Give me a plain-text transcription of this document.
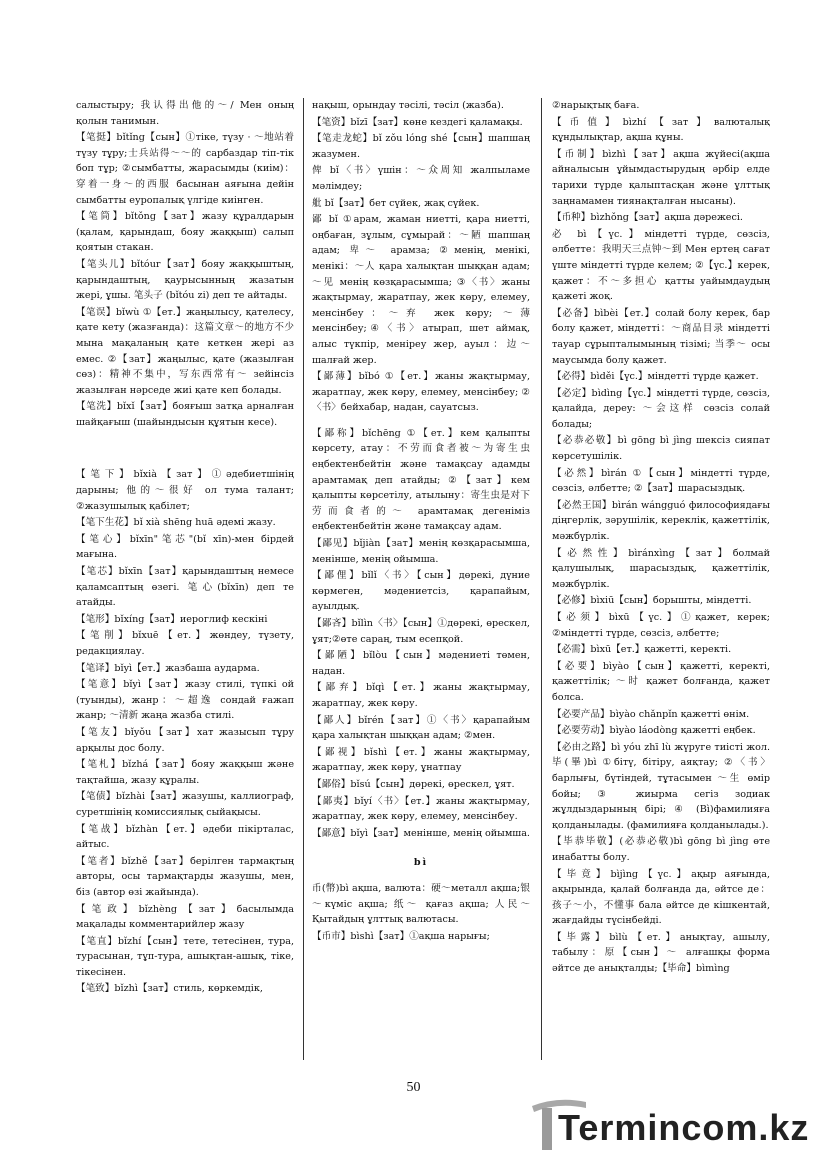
салыстыру; 我认得出他的～/ Мен оның қолын танимын.

【笔挺】bǐtǐng【сын】①тіке, түзу · ～地站着 түзу тұру;士兵站得～～的 сарбаздар тіп-тік боп тұр; ②сымбатты, жарасымды (киім)：穿着一身～的西服 басынан аяғына дейін сымбатты еуропалық үлгіде киінген.

【笔筒】bǐtǒng【зат】жазу құралдарын (қалам, қарындаш, бояу жаққыш) салып қоятын стакан.

【笔头儿】bǐtóur【зат】бояу жаққыштың, қарындаштың, қаурысынның жазатын жері, ұшы. 笔头子 (bǐtóu zi) деп те айтады.

【笔误】bǐwù ①【ет.】жаңылысу, қателесу, қате кету (жазғанда)：这篇文章～的地方不少 мына мақаланың қате кеткен жері аз емес. ②【зат】жаңылыс, қате (жазылған сөз)：精神不集中，写东西常有～ зейінсіз жазылған нәрседе жиі қате кеп болады.

【笔洗】bǐxǐ【зат】бояғыш затқа арналған шайқағыш (шайындысын құятын кесе).

【笔下】bǐxià【зат】①әдебиетшінің дарыны; 他的～很好 ол тума талант; ②жазушылық қабілет;

【笔下生花】bǐ xià shēng huā әдемі жазу.

【笔心】bǐxīn"笔芯"(bǐ xīn)-мен бірдей мағына.

【笔芯】bǐxīn【зат】қарындаштың немесе қаламсаптың өзегі. 笔心(bǐxīn) деп те атайды.

【笔形】bǐxíng【зат】иероглиф кескіні

【笔削】bǐxuē【ет.】жөндеу, түзету, редакциялау.

【笔译】bǐyì【ет.】жазбаша аударма.

【笔意】bǐyì【зат】жазу стилі, түпкі ой (туынды), жанр：～超逸 сондай ғажап жанр; ～清新 жаңа жазба стилі.

【笔友】bǐyǒu【зат】хат жазысып тұру арқылы дос болу.

【笔札】bǐzhá【зат】бояу жаққыш және тақтайша, жазу құралы.

【笔债】bǐzhài【зат】жазушы, каллиограф, суретшінің комиссиялық сыйақысы.

【笔战】bǐzhàn【ет.】әдеби пікірталас, айтыс.

【笔者】bǐzhě【зат】берілген тармақтың авторы, осы тармақтарды жазушы, мен, біз (автор өзі жайында).

【笔政】bǐzhèng【зат】басылымда мақалады комментарийлер жазу

【笔直】bǐzhí【сын】тете, тетесінен, тура, турасынан, тұп-тура, ашықтан-ашық, тіке, тікесінен.

【笔致】bǐzhì【зат】стиль, көркемдік,

нақыш, орындау тәсілі, тәсіл (жазба).

【笔资】bǐzī【зат】көне кездегі қаламақы.

【笔走龙蛇】bǐ zǒu lóng shé【сын】шапшаң жазумен.

俾 bǐ〈书〉үшін：～众周知 жалпыламе мәлімдеу;

舭 bǐ【зат】бет сүйек, жақ сүйек.

鄙 bǐ ①арам, жаман ниетті, қара ниетті, оңбаған, зұлым, сұмырай：～陋 шапшаң адам; 卑～ арамза; ②менің, менікі, менікі：～人 қара халықтан шыққан адам; ～见 менің көзқарасымша; ③〈书〉жаны жақтырмау, жаратпау, жек көру, елемеу, менсінбеу：～弃 жек көру; ～薄 менсінбеу;④〈书〉атырап, шет аймақ, алыс түкпір, меніреу жер, ауыл：边～ шалғай жер.

【鄙薄】bǐbó ①【ет.】жаны жақтырмау, жаратпау, жек көру, елемеу, менсінбеу; ②〈书〉бейхабар, надан, сауатсыз.

【鄙称】bǐchēng ①【ет.】кем қалыпты көрсету, атау：不劳而食者被～为寄生虫 еңбектенбейтін және тамақсау адамды арамтамақ деп атайды; ②【зат】кем қалыпты көрсетілу, атылыну：寄生虫是对下劳而食者的～ арамтамақ дегеніміз еңбектенбейтін және тамақсау адам.

【鄙见】bǐjiàn【зат】менің көзқарасымша, менінше, менің ойымша.

【鄙俚】bǐlǐ〈书〉【сын】дөрекі, дүние көрмеген, мәдениетсіз, қарапайым, ауылдық.

【鄙吝】bǐlìn〈书〉【сын】①дөрекі, өрескел, ұят;②өте сараң, тым есепқой.

【鄙陋】bǐlòu【сын】мәдениеті төмен, надан.

【鄙弃】bǐqì【ет.】жаны жақтырмау, жаратпау, жек көру.

【鄙人】bǐrén【зат】①〈书〉қарапайым қара халықтан шыққан адам; ②мен.

【鄙视】bǐshì【ет.】жаны жақтырмау, жаратпау, жек көру, ұнатпау

【鄙俗】bǐsú【сын】дөрекі, өрескел, ұят.

【鄙夷】bǐyí〈书〉【ет.】жаны жақтырмау, жаратпау, жек көру, елемеу, менсінбеу.

【鄙意】bǐyì【зат】менінше, менің ойымша.

bì

币(幣)bì ақша, валюта：硬～металл ақша;银～күміс ақша; 纸～ қағаз ақша; 人民～ Қытайдың ұлттық валютасы.

【币市】bìshì【зат】①ақша нарығы;

②нарықтық баға.

【币值】bìzhí【зат】валюталық құндылықтар, ақша құны.

【币制】bìzhì【зат】ақша жүйесі(ақша айналысын ұйымдастырудың әрбір елде тарихи түрде қалыптасқан және ұлттық заңнамамен тиянақталған нысаны).

【币种】bìzhǒng【зат】ақша дәрежесі.

必 bì【үс.】міндетті түрде, сөзсіз, әлбетте：我明天三点钟～到 Мен ертең сағат үште міндетті түрде келем; ②【үс.】керек, қажет：不～多担心 қатты уайымдаудың қажеті жоқ.

【必备】bìbèi【ет.】солай болу керек, бар болу қажет, міндетті：～商品目录 міндетті тауар сұрыпталымының тізімі; 当季～ осы маусымда болу қажет.

【必得】bìděi【үс.】міндетті түрде қажет.

【必定】bìdìng【үс.】міндетті түрде, сөзсіз, қалайда, дереу: ～会这样 сөзсіз солай болады;

【必恭必敬】bì gōng bì jìng шексіз сияпат көрсетушілік.

【必然】bìrán ①【сын】міндетті түрде, сөзсіз, әлбетте; ②【зат】шарасыздық.

【必然王国】bìrán wángguó философиядағы діңгерлік, зәрушілік, кереклік, қажеттілік, мәжбүрлік.

【必然性】bìránxìng【зат】болмай қалушылық, шарасыздық, қажеттілік, мәжбүрлік.

【必修】bìxiū【сын】борышты, міндетті.

【必须】bìxū【үс.】①қажет, керек; ②міндетті түрде, сөзсіз, әлбетте;

【必需】bìxū【ет.】қажетті, керекті.

【必要】bìyào【сын】қажетті, керекті, қажеттілік; ～时 қажет болғанда, қажет болса.

【必要产品】bìyào chǎnpǐn қажетті өнім.

【必要劳动】bìyào láodòng қажетті еңбек.

【必由之路】bì yóu zhī lù жүруге тиісті жол.毕(畢)bì ①бітү, бітіру, аяқтау; ②〈书〉барлығы, бүтіндей, тұтасымен ～生 өмір бойы; ③ жиырма сегіз зодиак жұлдыздарының бірі; ④ (Bì)фамилияға қолданылады. (фамилияға қолданылады.).

【毕恭毕敬】(必恭必敬)bì gōng bì jìng өте инабатты болу.

【毕竟】bìjìng【үс.】ақыр аяғында, ақырында, қалай болғанда да, әйтсе де：孩子～小，不懂事 бала әйтсе де кішкентай, жағдайды түсінбейді.

【毕露】bìlù【ет.】анықтау, ашылу, табылу：原【сын】～ алғашқы форма әйтсе де анықталды;【毕命】bìmìng

50
Termincom.kz
